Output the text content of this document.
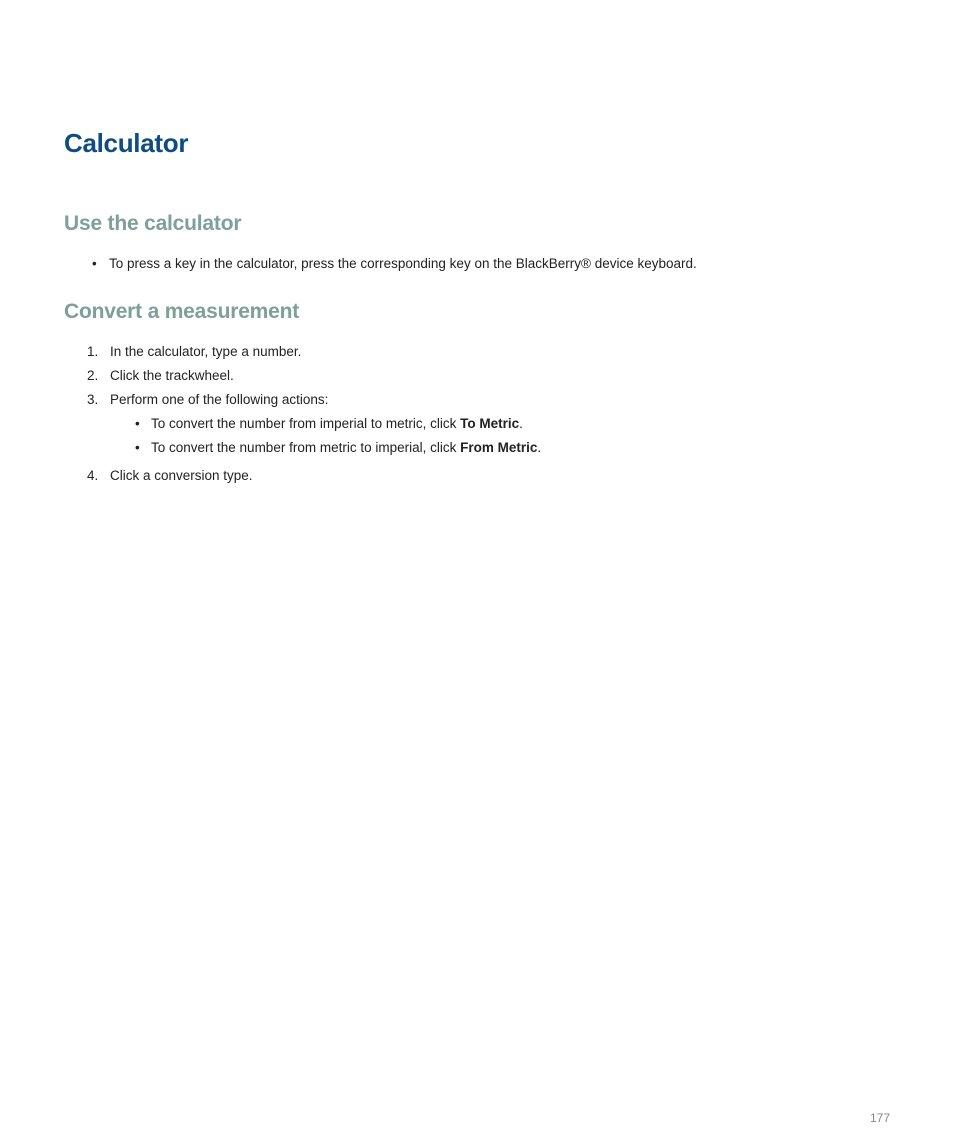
Calculator
Use the calculator
• To press a key in the calculator, press the corresponding key on the BlackBerry® device keyboard.
Convert a measurement
1. In the calculator, type a number.
2. Click the trackwheel.
3. Perform one of the following actions:
• To convert the number from imperial to metric, click To Metric.
• To convert the number from metric to imperial, click From Metric.
4. Click a conversion type.
177
